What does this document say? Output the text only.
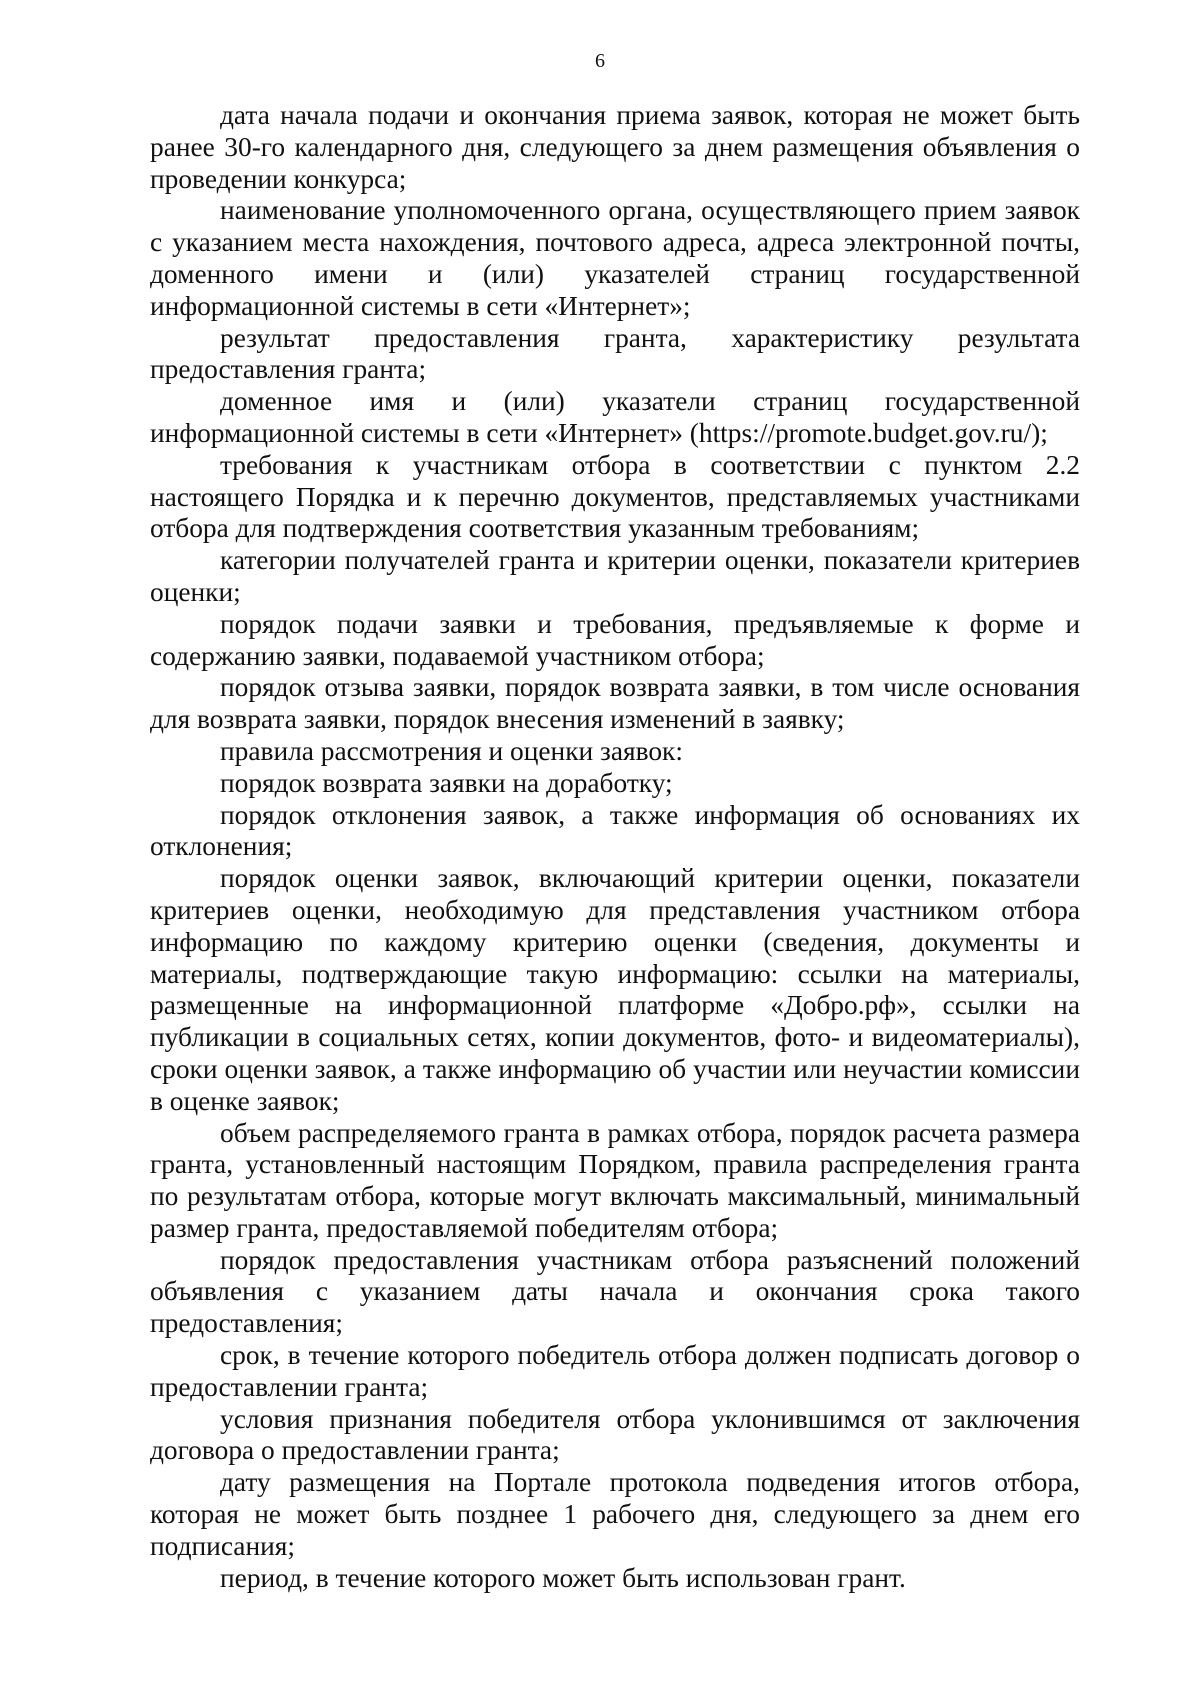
6

дата начала подачи и окончания приема заявок, которая не может быть ранее 30-го календарного дня, следующего за днем размещения объявления о проведении конкурса;

наименование уполномоченного органа, осуществляющего прием заявок с указанием места нахождения, почтового адреса, адреса электронной почты, доменного имени и (или) указателей страниц государственной информационной системы в сети «Интернет»;

результат предоставления гранта, характеристику результата предоставления гранта;

доменное имя и (или) указатели страниц государственной информационной системы в сети «Интернет» (https://promote.budget.gov.ru/);

требования к участникам отбора в соответствии с пунктом 2.2 настоящего Порядка и к перечню документов, представляемых участниками отбора для подтверждения соответствия указанным требованиям;

категории получателей гранта и критерии оценки, показатели критериев оценки;

порядок подачи заявки и требования, предъявляемые к форме и содержанию заявки, подаваемой участником отбора;

порядок отзыва заявки, порядок возврата заявки, в том числе основания для возврата заявки, порядок внесения изменений в заявку;

правила рассмотрения и оценки заявок:

порядок возврата заявки на доработку;

порядок отклонения заявок, а также информация об основаниях их отклонения;

порядок оценки заявок, включающий критерии оценки, показатели критериев оценки, необходимую для представления участником отбора информацию по каждому критерию оценки (сведения, документы и материалы, подтверждающие такую информацию: ссылки на материалы, размещенные на информационной платформе «Добро.рф», ссылки на публикации в социальных сетях, копии документов, фото- и видеоматериалы), сроки оценки заявок, а также информацию об участии или неучастии комиссии в оценке заявок;

объем распределяемого гранта в рамках отбора, порядок расчета размера гранта, установленный настоящим Порядком, правила распределения гранта по результатам отбора, которые могут включать максимальный, минимальный размер гранта, предоставляемой победителям отбора;

порядок предоставления участникам отбора разъяснений положений объявления с указанием даты начала и окончания срока такого предоставления;

срок, в течение которого победитель отбора должен подписать договор о предоставлении гранта;

условия признания победителя отбора уклонившимся от заключения договора о предоставлении гранта;

дату размещения на Портале протокола подведения итогов отбора, которая не может быть позднее 1 рабочего дня, следующего за днем его подписания;

период, в течение которого может быть использован грант.
